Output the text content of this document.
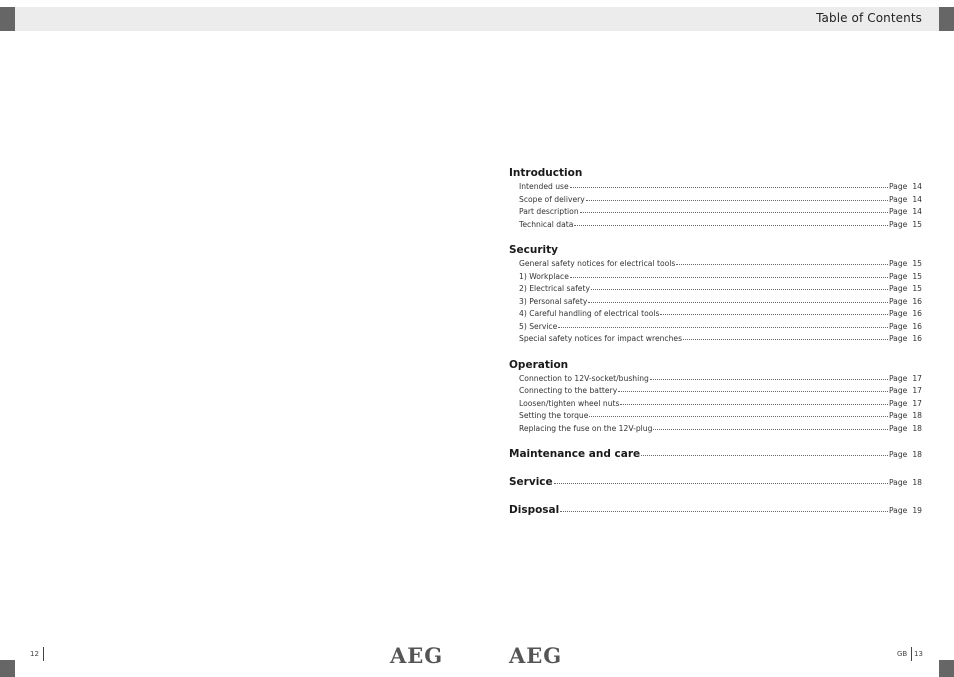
Table of Contents
Introduction
Intended use	Page 14
Scope of delivery	Page 14
Part description	Page 14
Technical data	Page 15
Security
General safety notices for electrical tools	Page 15
1) Workplace	Page 15
2) Electrical safety	Page 15
3) Personal safety	Page 16
4) Careful handling of electrical tools	Page 16
5) Service	Page 16
Special safety notices for impact wrenches	Page 16
Operation
Connection to 12V-socket/bushing	Page 17
Connecting to the battery	Page 17
Loosen/tighten wheel nuts	Page 17
Setting the torque	Page 18
Replacing the fuse on the 12V-plug	Page 18
Maintenance and care	Page 18
Service	Page 18
Disposal	Page 19
12	AEG	AEG	GB 13
